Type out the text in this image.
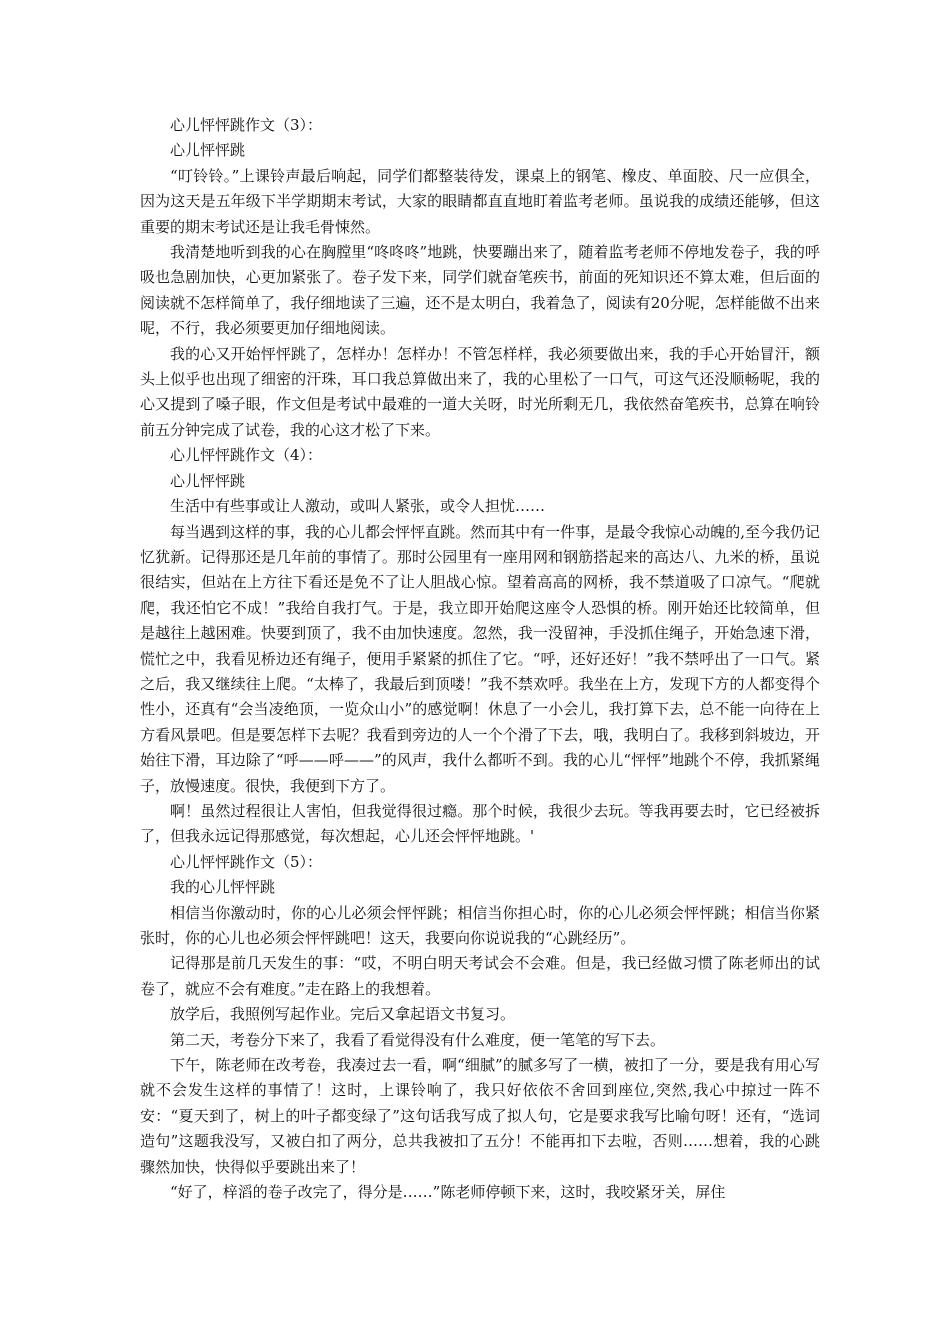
心儿怦怦跳作文（3）：

心儿怦怦跳

“叮铃铃。”上课铃声最后响起，同学们都整装待发，课桌上的钢笔、橡皮、单面胶、尺一应俱全，因为这天是五年级下半学期期末考试，大家的眼睛都直直地盯着监考老师。虽说我的成绩还能够，但这重要的期末考试还是让我毛骨悚然。

我清楚地听到我的心在胸膛里“咚咚咚”地跳，快要蹦出来了，随着监考老师不停地发卷子，我的呼吸也急剧加快，心更加紧张了。卷子发下来，同学们就奋笔疾书，前面的死知识还不算太难，但后面的阅读就不怎样简单了，我仔细地读了三遍，还不是太明白，我着急了，阅读有20分呢，怎样能做不出来呢，不行，我必须要更加仔细地阅读。

我的心又开始怦怦跳了，怎样办！怎样办！不管怎样样，我必须要做出来，我的手心开始冒汗，额头上似乎也出现了细密的汗珠，耳口我总算做出来了，我的心里松了一口气，可这气还没顺畅呢，我的心又提到了嗓子眼，作文但是考试中最难的一道大关呀，时光所剩无几，我依然奋笔疾书，总算在响铃前五分钟完成了试卷，我的心这才松了下来。

心儿怦怦跳作文（4）：

心儿怦怦跳

生活中有些事或让人激动，或叫人紧张，或令人担忧……

每当遇到这样的事，我的心儿都会怦怦直跳。然而其中有一件事，是最令我惊心动魄的,至今我仍记忆犹新。记得那还是几年前的事情了。那时公园里有一座用网和钢筋搭起来的高达八、九米的桥，虽说很结实，但站在上方往下看还是免不了让人胆战心惊。望着高高的网桥，我不禁道吸了口凉气。“爬就爬，我还怕它不成！”我给自我打气。于是，我立即开始爬这座令人恐惧的桥。刚开始还比较简单，但是越往上越困难。快要到顶了，我不由加快速度。忽然，我一没留神，手没抓住绳子，开始急速下滑，慌忙之中，我看见桥边还有绳子，便用手紧紧的抓住了它。“呼，还好还好！”我不禁呼出了一口气。紧之后，我又继续往上爬。“太棒了，我最后到顶喽！”我不禁欢呼。我坐在上方，发现下方的人都变得个性小，还真有“会当凌绝顶，一览众山小”的感觉啊！休息了一小会儿，我打算下去，总不能一向待在上方看风景吧。但是要怎样下去呢？我看到旁边的人一个个滑了下去，哦，我明白了。我移到斜坡边，开始往下滑，耳边除了“呼——呼——”的风声，我什么都听不到。我的心儿“怦怦”地跳个不停，我抓紧绳子，放慢速度。很快，我便到下方了。

啊！虽然过程很让人害怕，但我觉得很过瘾。那个时候，我很少去玩。等我再要去时，它已经被拆了，但我永远记得那感觉，每次想起，心儿还会怦怦地跳。'

心儿怦怦跳作文（5）：

我的心儿怦怦跳

相信当你激动时，你的心儿必须会怦怦跳；相信当你担心时，你的心儿必须会怦怦跳；相信当你紧张时，你的心儿也必须会怦怦跳吧！这天，我要向你说说我的“心跳经历”。

记得那是前几天发生的事：“哎，不明白明天考试会不会难。但是，我已经做习惯了陈老师出的试卷了，就应不会有难度。”走在路上的我想着。

放学后，我照例写起作业。完后又拿起语文书复习。

第二天，考卷分下来了，我看了看觉得没有什么难度，便一笔笔的写下去。

下午，陈老师在改考卷，我凑过去一看，啊“细腻”的腻多写了一横，被扣了一分，要是我有用心写就不会发生这样的事情了！这时，上课铃响了，我只好依依不舍回到座位,突然,我心中掠过一阵不安：“夏天到了，树上的叶子都变绿了”这句话我写成了拟人句，它是要求我写比喻句呀！还有，“选词造句”这题我没写，又被白扣了两分，总共我被扣了五分！不能再扣下去啦，否则……想着，我的心跳骤然加快，快得似乎要跳出来了！

“好了，梓滔的卷子改完了，得分是……”陈老师停顿下来，这时，我咬紧牙关，屏住
